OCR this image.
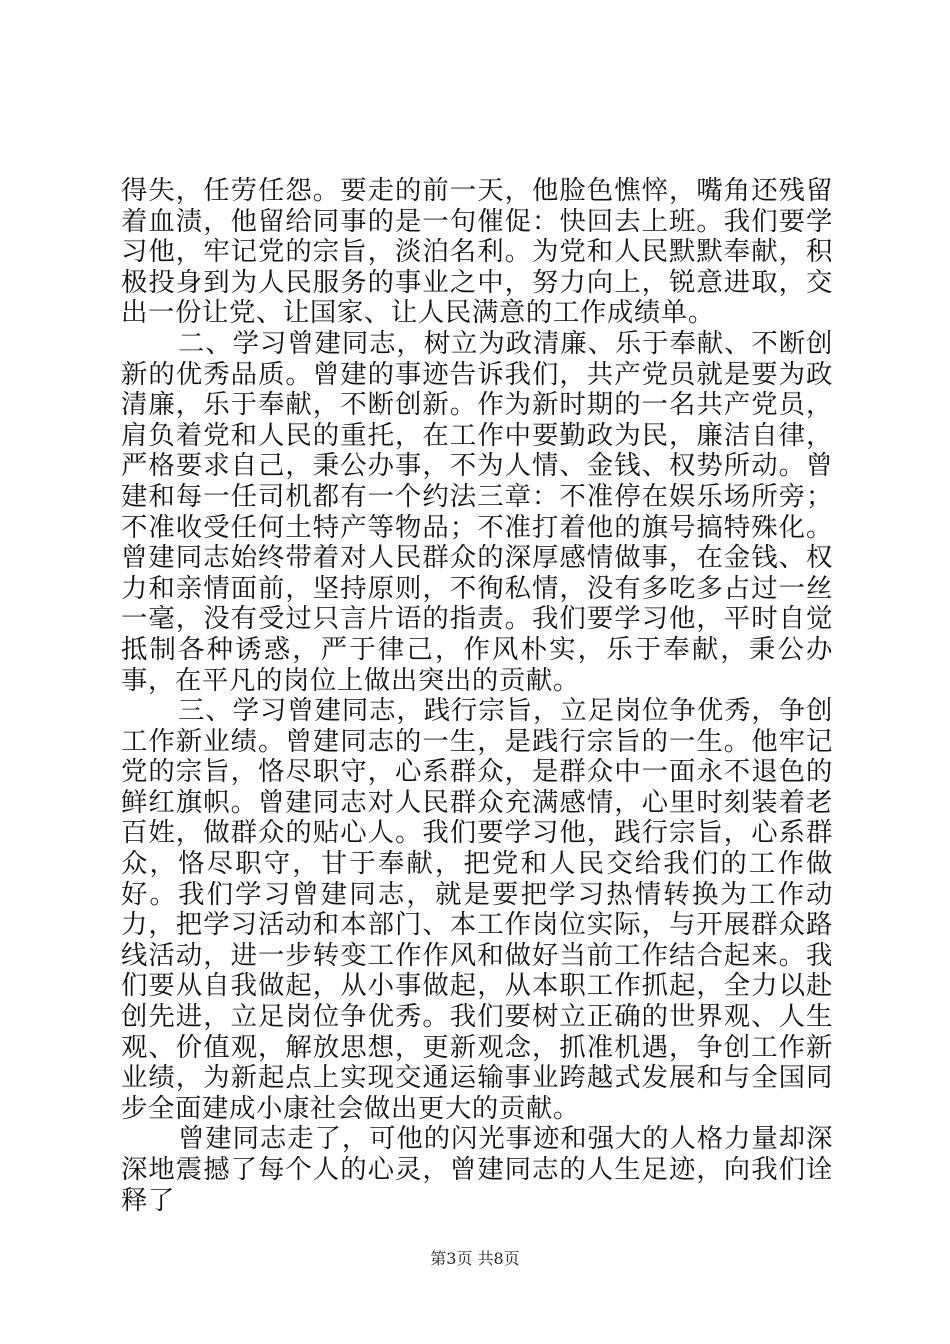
得失，任劳任怨。要走的前一天，他脸色憔悴，嘴角还残留着血渍，他留给同事的是一句催促：快回去上班。我们要学习他，牢记党的宗旨，淡泊名利。为党和人民默默奉献，积极投身到为人民服务的事业之中，努力向上，锐意进取，交出一份让党、让国家、让人民满意的工作成绩单。

二、学习曾建同志，树立为政清廉、乐于奉献、不断创新的优秀品质。曾建的事迹告诉我们，共产党员就是要为政清廉，乐于奉献，不断创新。作为新时期的一名共产党员，肩负着党和人民的重托，在工作中要勤政为民，廉洁自律，严格要求自己，秉公办事，不为人情、金钱、权势所动。曾建和每一任司机都有一个约法三章：不准停在娱乐场所旁；不准收受任何土特产等物品；不准打着他的旗号搞特殊化。曾建同志始终带着对人民群众的深厚感情做事，在金钱、权力和亲情面前，坚持原则，不徇私情，没有多吃多占过一丝一毫，没有受过只言片语的指责。我们要学习他，平时自觉抵制各种诱惑，严于律己，作风朴实，乐于奉献，秉公办事，在平凡的岗位上做出突出的贡献。

三、学习曾建同志，践行宗旨，立足岗位争优秀，争创工作新业绩。曾建同志的一生，是践行宗旨的一生。他牢记党的宗旨，恪尽职守，心系群众，是群众中一面永不退色的鲜红旗帜。曾建同志对人民群众充满感情，心里时刻装着老百姓，做群众的贴心人。我们要学习他，践行宗旨，心系群众，恪尽职守，甘于奉献，把党和人民交给我们的工作做好。我们学习曾建同志，就是要把学习热情转换为工作动力，把学习活动和本部门、本工作岗位实际，与开展群众路线活动，进一步转变工作作风和做好当前工作结合起来。我们要从自我做起，从小事做起，从本职工作抓起，全力以赴创先进，立足岗位争优秀。我们要树立正确的世界观、人生观、价值观，解放思想，更新观念，抓准机遇，争创工作新业绩，为新起点上实现交通运输事业跨越式发展和与全国同步全面建成小康社会做出更大的贡献。

曾建同志走了，可他的闪光事迹和强大的人格力量却深深地震撼了每个人的心灵，曾建同志的人生足迹，向我们诠释了

第3页 共8页
